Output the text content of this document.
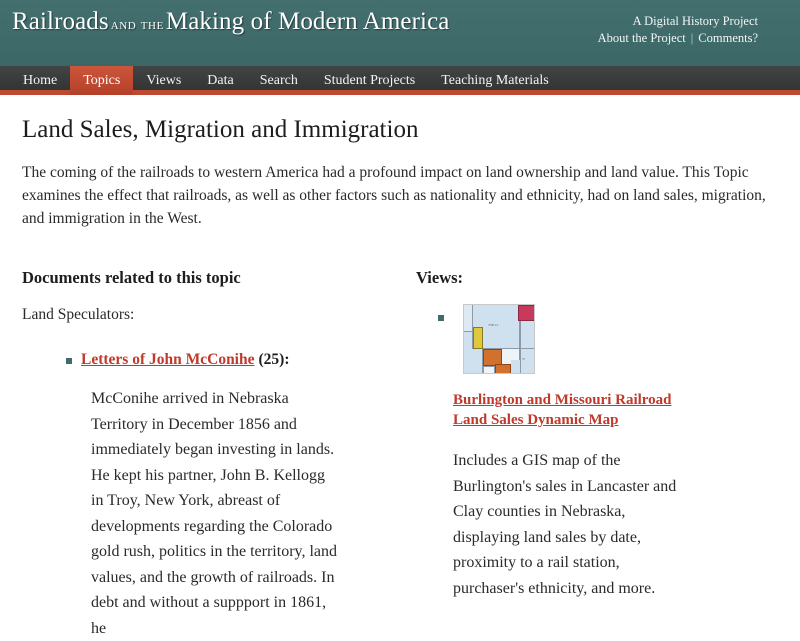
Railroads and theMaking of Modern America	A Digital History Project
About the Project | Comments?
Home	Topics	Views	Data	Search	Student Projects	Teaching Materials
Land Sales, Migration and Immigration

The coming of the railroads to western America had a profound impact on land ownership and land value. This Topic examines the effect that railroads, as well as other factors such as nationality and ethnicity, had on land sales, migration, and immigration in the West.

Documents related to this topic

Land Speculators:

Letters of John McConihe (25):

McConihe arrived in Nebraska Territory in December 1856 and immediately began investing in lands. He kept his partner, John B. Kellogg in Troy, New York, abreast of developments regarding the Colorado gold rush, politics in the territory, land values, and the growth of railroads. In debt and without a suppport in 1861, he

Views:
3708 14
37
Burlington and Missouri Railroad Land Sales Dynamic Map

Includes a GIS map of the Burlington's sales in Lancaster and Clay counties in Nebraska, displaying land sales by date, proximity to a rail station, purchaser's ethnicity, and more.
